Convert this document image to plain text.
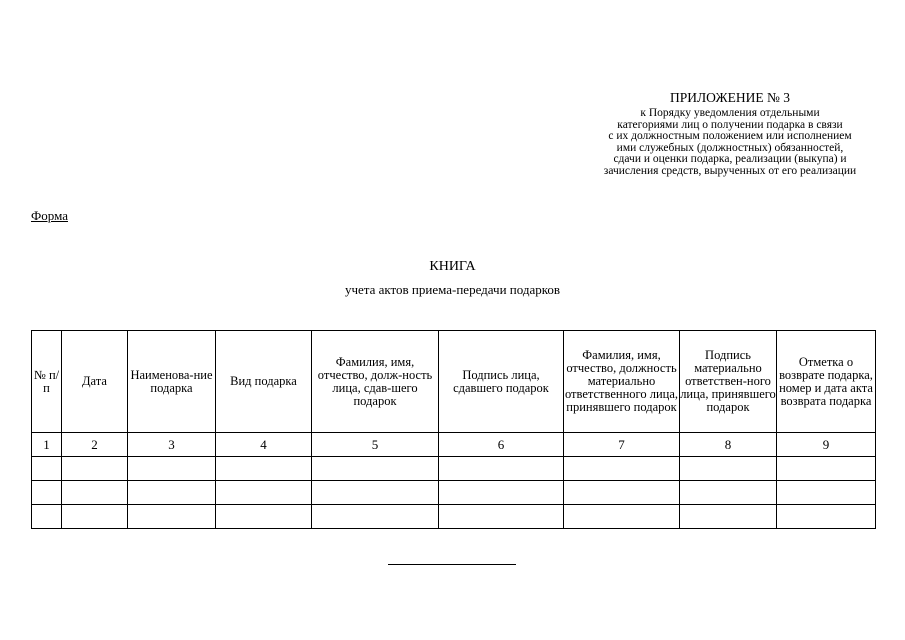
ПРИЛОЖЕНИЕ № 3
к Порядку уведомления отдельными
категориями лиц о получении подарка в связи
с их должностным положением или исполнением
ими служебных (должностных) обязанностей,
сдачи и оценки подарка, реализации (выкупа) и
зачисления средств, вырученных от его реализации
Форма
КНИГА
учета актов приема-передачи подарков
№ п/п	Дата	Наименова-ние подарка	Вид подарка	Фамилия, имя, отчество, долж-ность лица, сдав-шего подарок	Подпись лица, сдавшего подарок	Фамилия, имя, отчество, должность материально ответственного лица, принявшего подарок	Подпись материально ответствен-ного лица, принявшего подарок	Отметка о возврате подарка, номер и дата акта возврата подарка
1	2	3	4	5	6	7	8	9
